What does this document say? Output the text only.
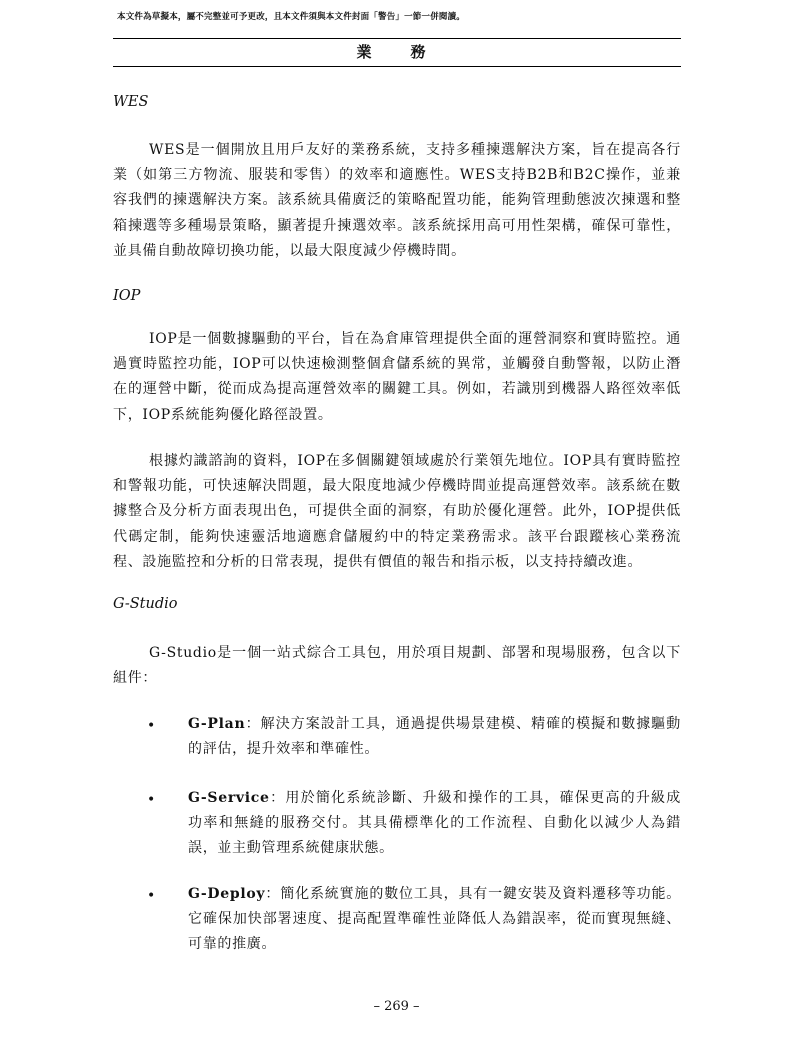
本文件為草擬本，屬不完整並可予更改，且本文件須與本文件封面「警告」一節一併閱讀。
業　務
WES

WES是一個開放且用戶友好的業務系統，支持多種揀選解決方案，旨在提高各行業（如第三方物流、服裝和零售）的效率和適應性。WES支持B2B和B2C操作，並兼容我們的揀選解決方案。該系統具備廣泛的策略配置功能，能夠管理動態波次揀選和整箱揀選等多種場景策略，顯著提升揀選效率。該系統採用高可用性架構，確保可靠性，並具備自動故障切換功能，以最大限度減少停機時間。

IOP

IOP是一個數據驅動的平台，旨在為倉庫管理提供全面的運營洞察和實時監控。通過實時監控功能，IOP可以快速檢測整個倉儲系統的異常，並觸發自動警報，以防止潛在的運營中斷，從而成為提高運營效率的關鍵工具。例如，若識別到機器人路徑效率低下，IOP系統能夠優化路徑設置。

根據灼識諮詢的資料，IOP在多個關鍵領域處於行業領先地位。IOP具有實時監控和警報功能，可快速解決問題，最大限度地減少停機時間並提高運營效率。該系統在數據整合及分析方面表現出色，可提供全面的洞察，有助於優化運營。此外，IOP提供低代碼定制，能夠快速靈活地適應倉儲履約中的特定業務需求。該平台跟蹤核心業務流程、設施監控和分析的日常表現，提供有價值的報告和指示板，以支持持續改進。

G-Studio

G-Studio是一個一站式綜合工具包，用於項目規劃、部署和現場服務，包含以下組件：

• G-Plan：解決方案設計工具，通過提供場景建模、精確的模擬和數據驅動的評估，提升效率和準確性。

• G-Service：用於簡化系統診斷、升級和操作的工具，確保更高的升級成功率和無縫的服務交付。其具備標準化的工作流程、自動化以減少人為錯誤，並主動管理系統健康狀態。

• G-Deploy：簡化系統實施的數位工具，具有一鍵安裝及資料遷移等功能。它確保加快部署速度、提高配置準確性並降低人為錯誤率，從而實現無縫、可靠的推廣。

– 269 –
